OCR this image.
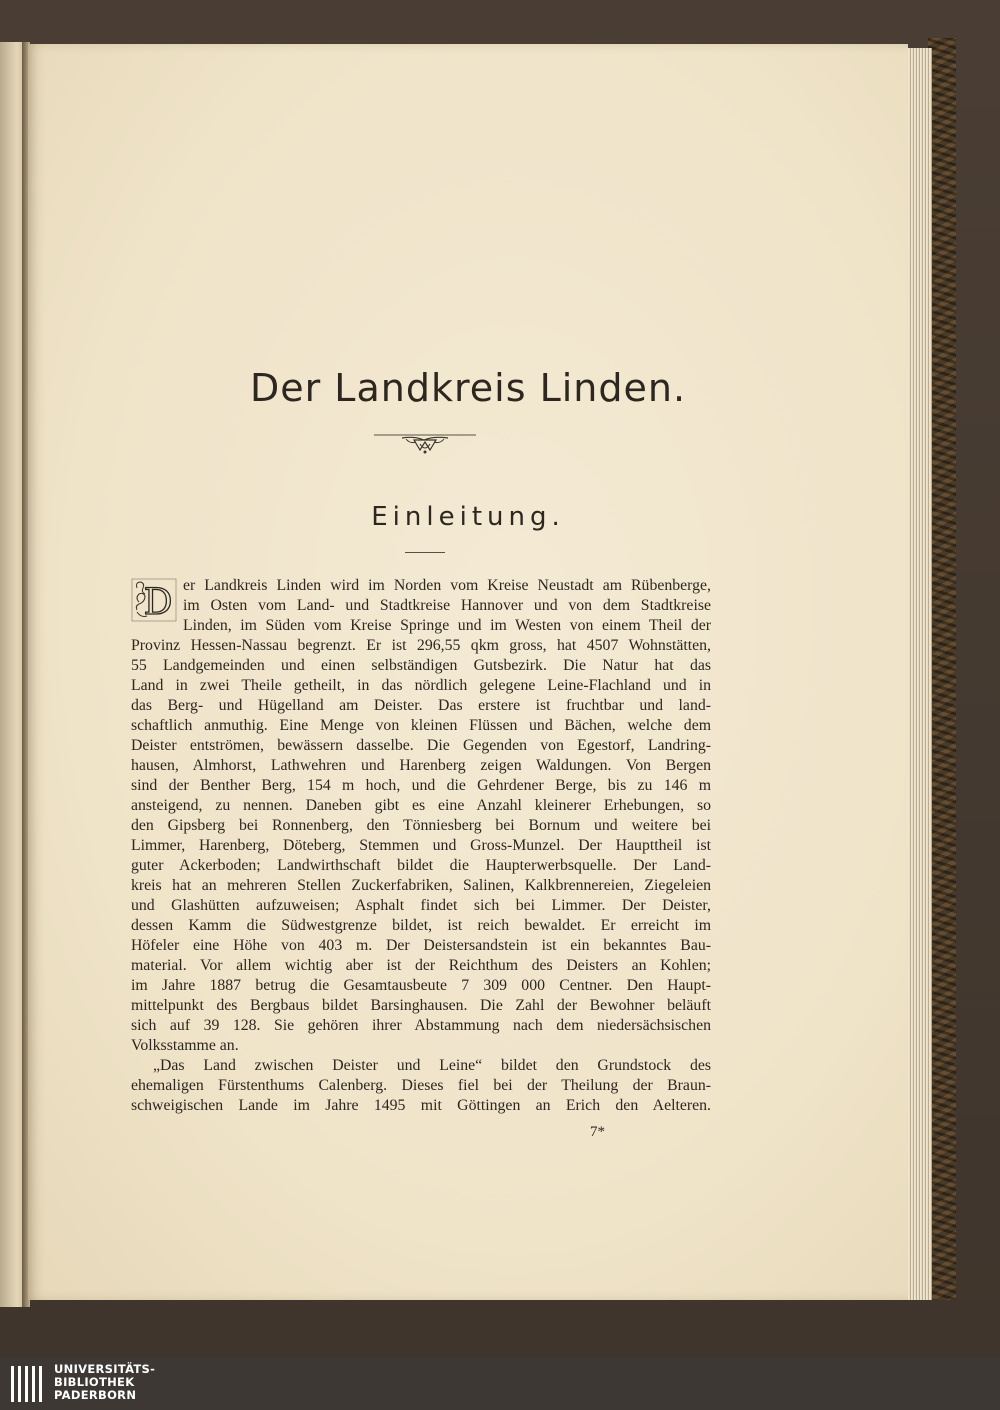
Der Landkreis Linden.
Einleitung.
D er Landkreis Linden wird im Norden vom Kreise Neustadt am Rübenberge,
im Osten vom Land- und Stadtkreise Hannover und von dem Stadtkreise
Linden, im Süden vom Kreise Springe und im Westen von einem Theil der
Provinz Hessen-Nassau begrenzt. Er ist 296,55 qkm gross, hat 4507 Wohnstätten,
55 Landgemeinden und einen selbständigen Gutsbezirk. Die Natur hat das
Land in zwei Theile getheilt, in das nördlich gelegene Leine-Flachland und in
das Berg- und Hügelland am Deister. Das erstere ist fruchtbar und land-
schaftlich anmuthig. Eine Menge von kleinen Flüssen und Bächen, welche dem
Deister entströmen, bewässern dasselbe. Die Gegenden von Egestorf, Landring-
hausen, Almhorst, Lathwehren und Harenberg zeigen Waldungen. Von Bergen
sind der Benther Berg, 154 m hoch, und die Gehrdener Berge, bis zu 146 m
ansteigend, zu nennen. Daneben gibt es eine Anzahl kleinerer Erhebungen, so
den Gipsberg bei Ronnenberg, den Tönniesberg bei Bornum und weitere bei
Limmer, Harenberg, Döteberg, Stemmen und Gross-Munzel. Der Haupttheil ist
guter Ackerboden; Landwirthschaft bildet die Haupterwerbsquelle. Der Land-
kreis hat an mehreren Stellen Zuckerfabriken, Salinen, Kalkbrennereien, Ziegeleien
und Glashütten aufzuweisen; Asphalt findet sich bei Limmer. Der Deister,
dessen Kamm die Südwestgrenze bildet, ist reich bewaldet. Er erreicht im
Höfeler eine Höhe von 403 m. Der Deistersandstein ist ein bekanntes Bau-
material. Vor allem wichtig aber ist der Reichthum des Deisters an Kohlen;
im Jahre 1887 betrug die Gesamtausbeute 7 309 000 Centner. Den Haupt-
mittelpunkt des Bergbaus bildet Barsinghausen. Die Zahl der Bewohner beläuft
sich auf 39 128. Sie gehören ihrer Abstammung nach dem niedersächsischen
Volksstamme an.
„Das Land zwischen Deister und Leine“ bildet den Grundstock des
ehemaligen Fürstenthums Calenberg. Dieses fiel bei der Theilung der Braun-
schweigischen Lande im Jahre 1495 mit Göttingen an Erich den Aelteren.
7*
UNIVERSITÄTS-
BIBLIOTHEK
PADERBORN
